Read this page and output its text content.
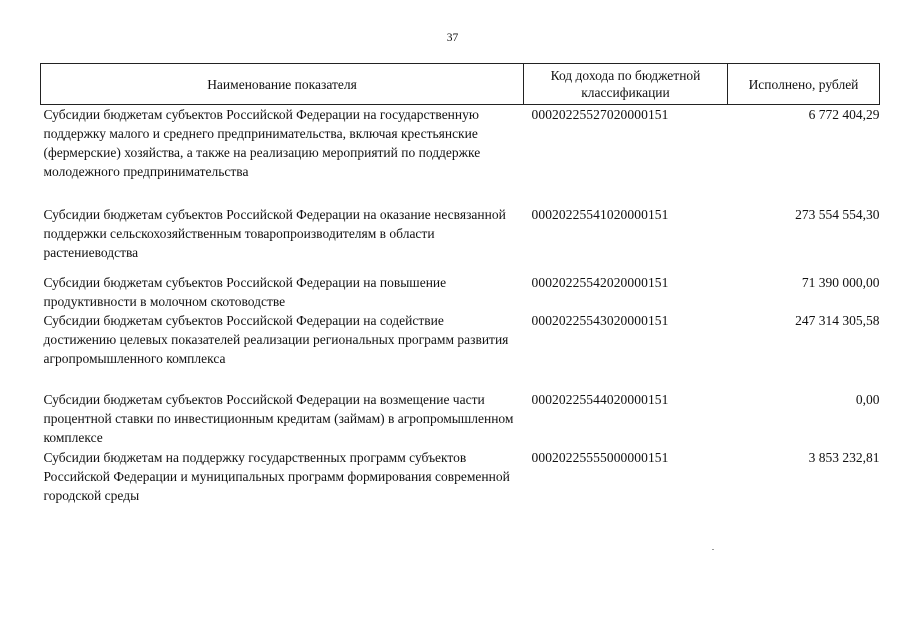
37
Наименование показателя	Код дохода по бюджетной классификации	Исполнено, рублей
Субсидии бюджетам субъектов Российской Федерации на государственную поддержку малого и среднего предпринимательства, включая крестьянские (фермерские) хозяйства, а также на реализацию мероприятий по поддержке молодежного предпринимательства	00020225527020000151	6 772 404,29
Субсидии бюджетам субъектов Российской Федерации на оказание несвязанной поддержки сельскохозяйственным товаропроизводителям в области растениеводства	00020225541020000151	273 554 554,30
Субсидии бюджетам субъектов Российской Федерации на повышение продуктивности в молочном скотоводстве	00020225542020000151	71 390 000,00
Субсидии бюджетам субъектов Российской Федерации на содействие достижению целевых показателей реализации региональных программ развития агропромышленного комплекса	00020225543020000151	247 314 305,58
Субсидии бюджетам субъектов Российской Федерации на возмещение части процентной ставки по инвестиционным кредитам (займам) в агропромышленном комплексе	00020225544020000151	0,00
Субсидии бюджетам на поддержку государственных программ субъектов Российской Федерации и муниципальных программ формирования современной городской среды	00020225555000000151	3 853 232,81
